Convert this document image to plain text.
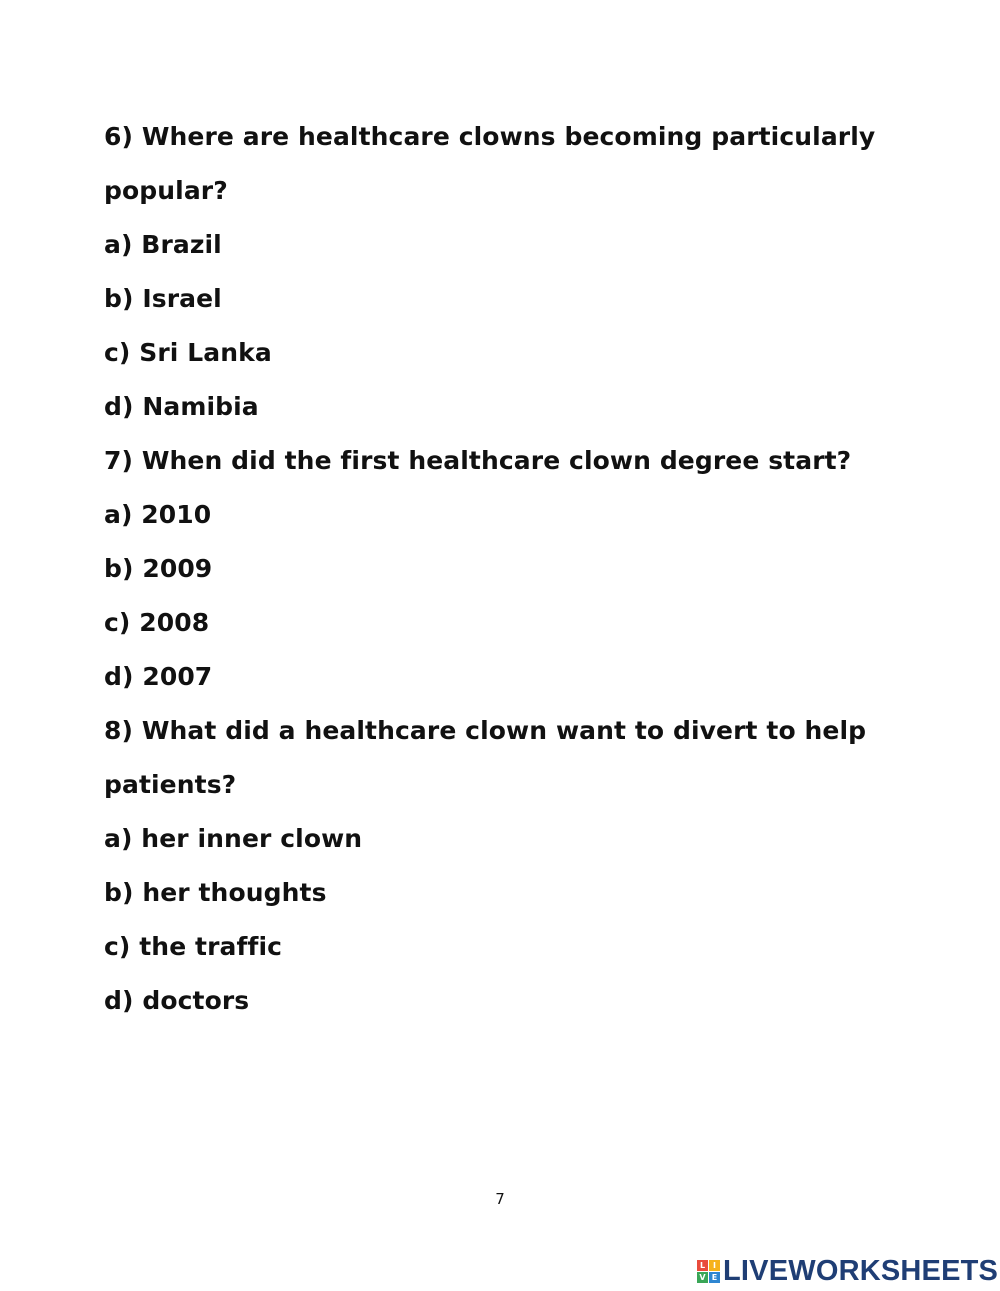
6) Where are healthcare clowns becoming particularly
popular?
a) Brazil
b) Israel
c) Sri Lanka
d) Namibia
7) When did the first healthcare clown degree start?
a) 2010
b) 2009
c) 2008
d) 2007
8) What did a healthcare clown want to divert to help
patients?
a) her inner clown
b) her thoughts
c) the traffic
d) doctors
7
L I
V E LIVEWORKSHEETS
